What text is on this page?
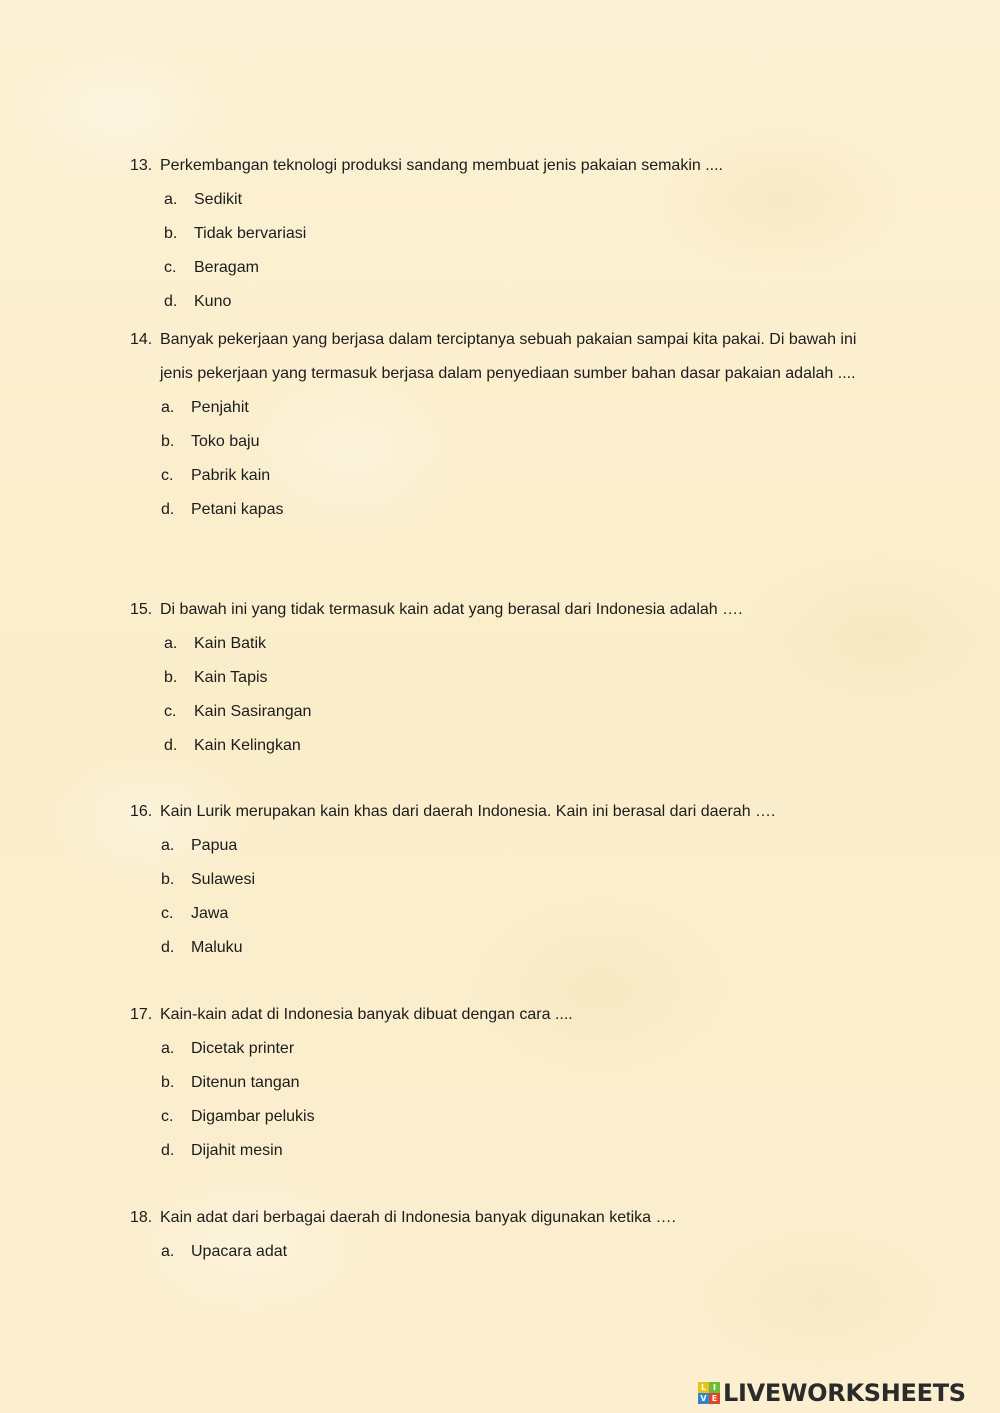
13. Perkembangan teknologi produksi sandang membuat jenis pakaian semakin ....
a. Sedikit
b. Tidak bervariasi
c. Beragam
d. Kuno
14. Banyak pekerjaan yang berjasa dalam terciptanya sebuah pakaian sampai kita pakai. Di bawah ini jenis pekerjaan yang termasuk berjasa dalam penyediaan sumber bahan dasar pakaian adalah ....
a. Penjahit
b. Toko baju
c. Pabrik kain
d. Petani kapas
15. Di bawah ini yang tidak termasuk kain adat yang berasal dari Indonesia adalah ….
a. Kain Batik
b. Kain Tapis
c. Kain Sasirangan
d. Kain Kelingkan
16. Kain Lurik merupakan kain khas dari daerah Indonesia. Kain ini berasal dari daerah ….
a. Papua
b. Sulawesi
c. Jawa
d. Maluku
17. Kain-kain adat di Indonesia banyak dibuat dengan cara ....
a. Dicetak printer
b. Ditenun tangan
c. Digambar pelukis
d. Dijahit mesin
18. Kain adat dari berbagai daerah di Indonesia banyak digunakan ketika ….
a. Upacara adat
L I
V E LIVEWORKSHEETS
